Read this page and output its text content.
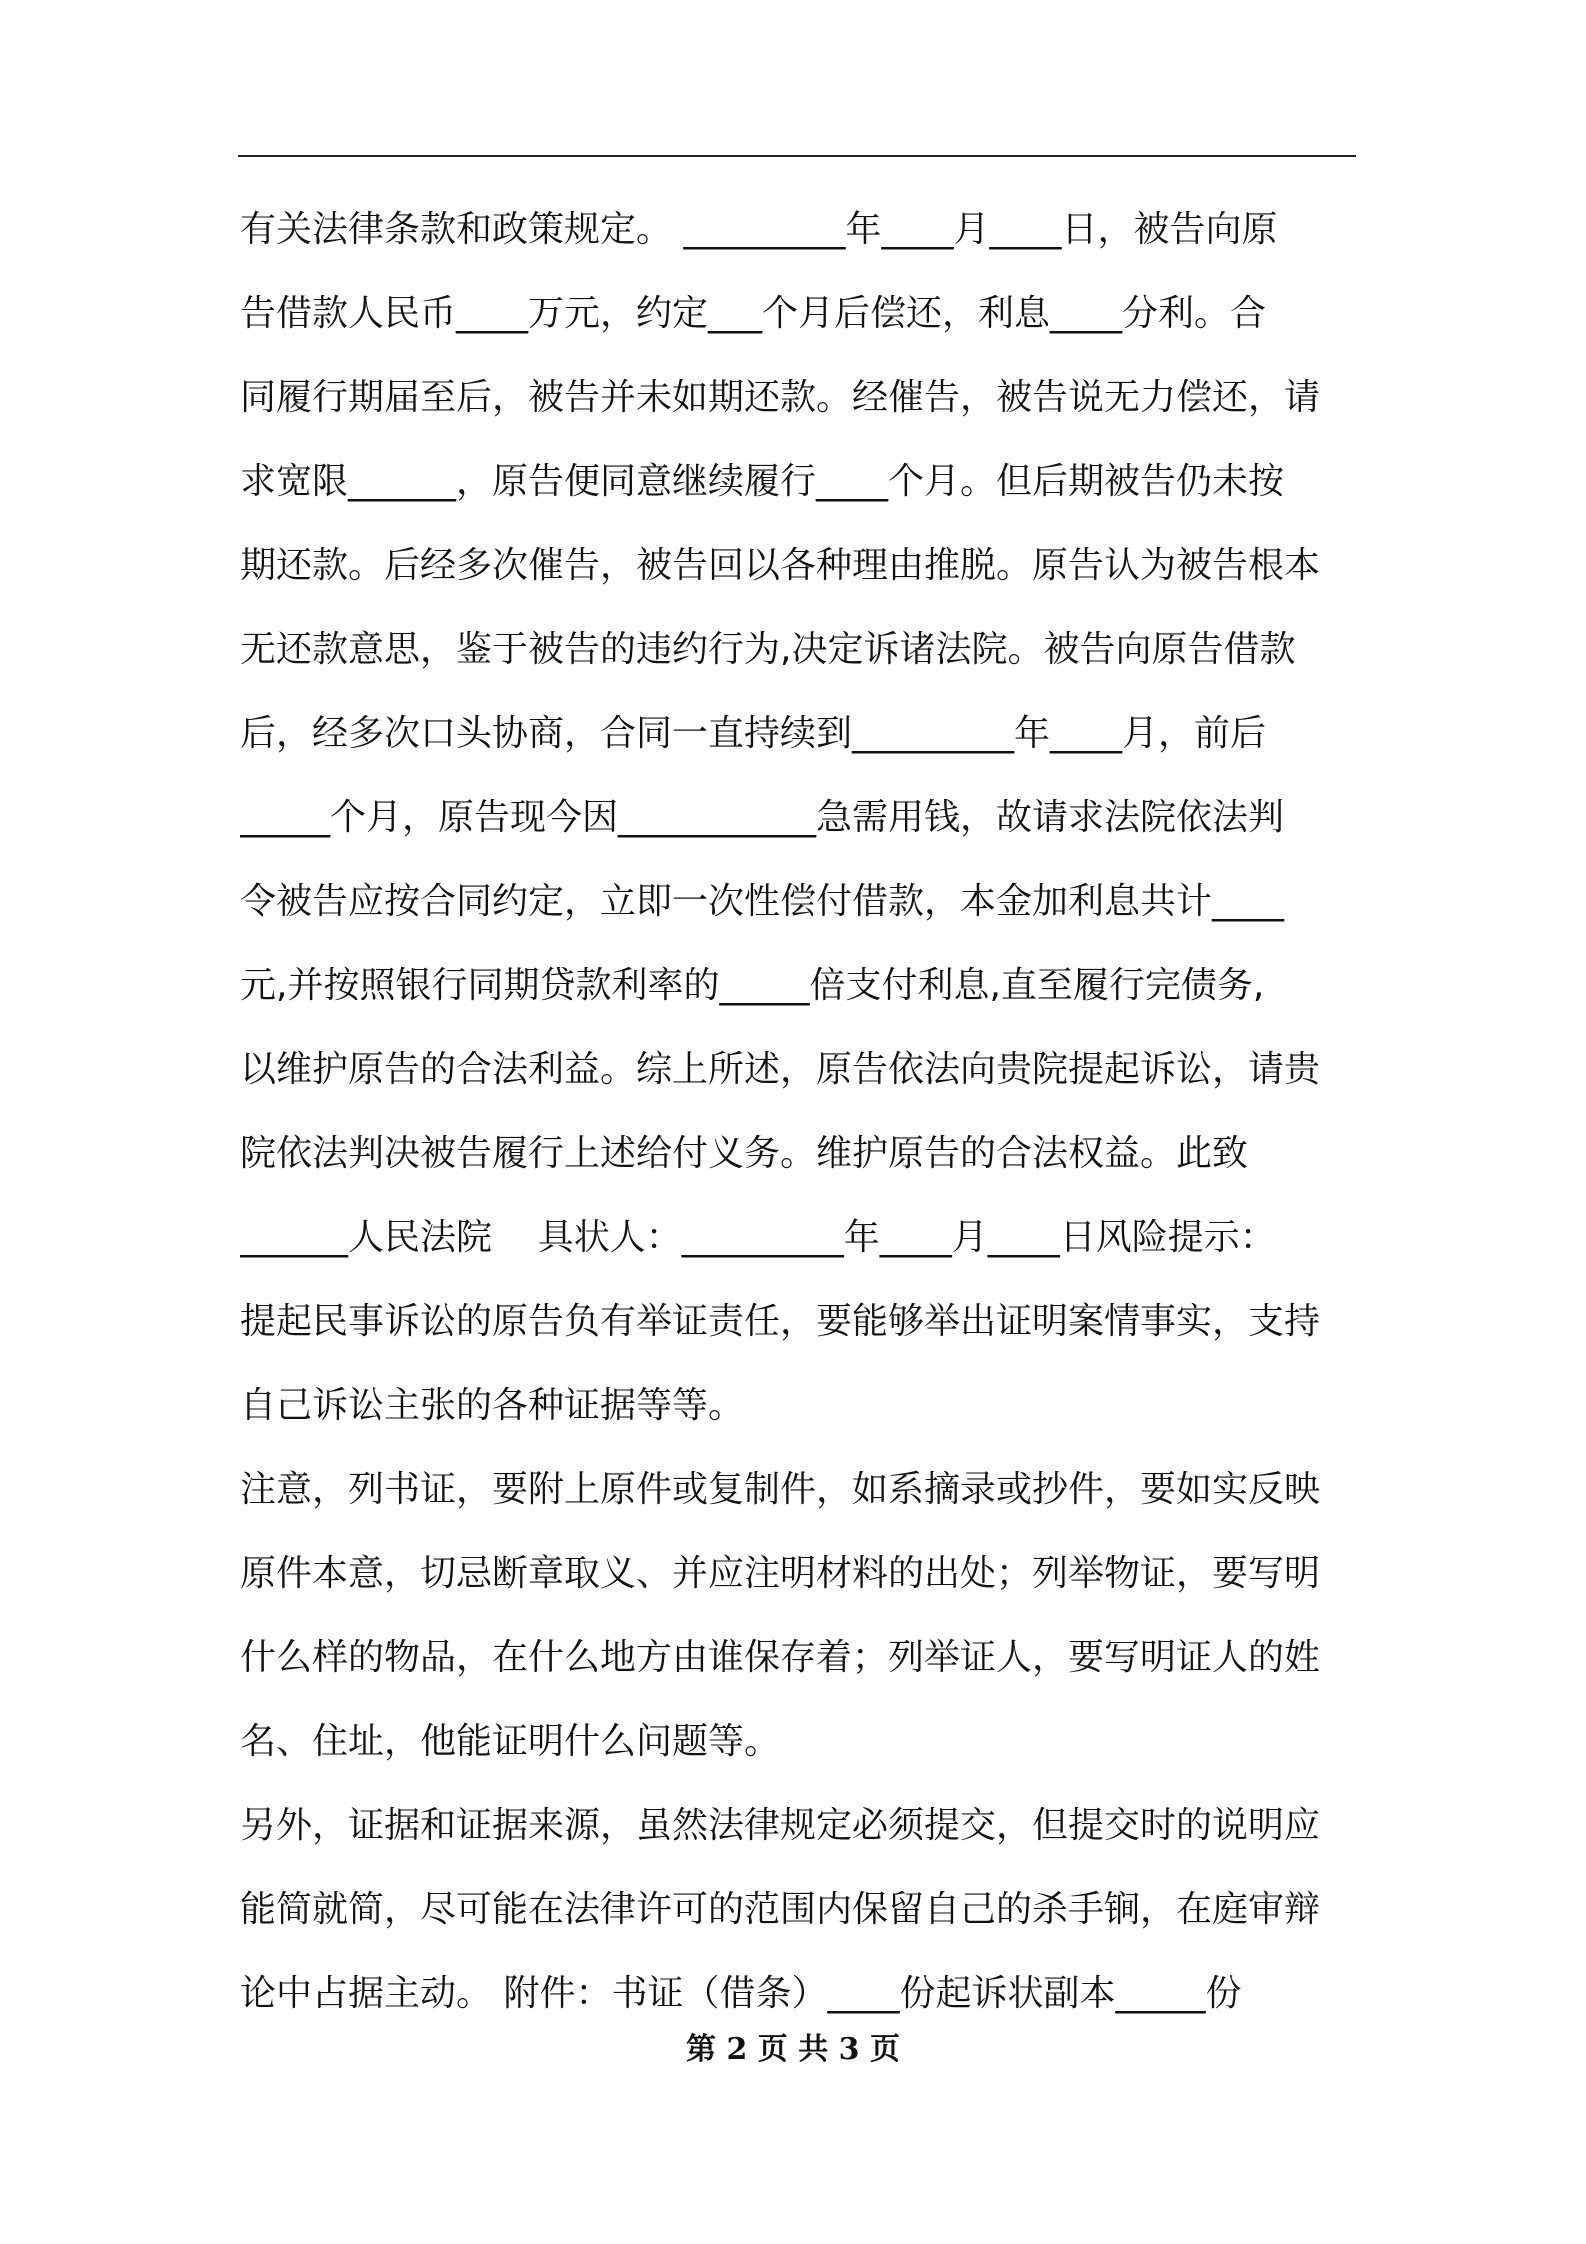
有关法律条款和政策规定。 _________年____月____日，被告向原
告借款人民币____万元，约定___个月后偿还，利息____分利。合
同履行期届至后，被告并未如期还款。经催告，被告说无力偿还，请
求宽限______，原告便同意继续履行____个月。但后期被告仍未按
期还款。后经多次催告，被告回以各种理由推脱。原告认为被告根本
无还款意思，鉴于被告的违约行为,决定诉诸法院。被告向原告借款
后，经多次口头协商，合同一直持续到_________年____月，前后
_____个月，原告现今因___________急需用钱，故请求法院依法判
令被告应按合同约定，立即一次性偿付借款，本金加利息共计____
元,并按照银行同期贷款利率的_____倍支付利息,直至履行完债务,
以维护原告的合法利益。综上所述，原告依法向贵院提起诉讼，请贵
院依法判决被告履行上述给付义务。维护原告的合法权益。此致
______人民法院    具状人：_________年____月____日风险提示：
提起民事诉讼的原告负有举证责任，要能够举出证明案情事实，支持
自己诉讼主张的各种证据等等。
注意，列书证，要附上原件或复制件，如系摘录或抄件，要如实反映
原件本意，切忌断章取义、并应注明材料的出处；列举物证，要写明
什么样的物品，在什么地方由谁保存着；列举证人，要写明证人的姓
名、住址，他能证明什么问题等。
另外，证据和证据来源，虽然法律规定必须提交，但提交时的说明应
能简就简，尽可能在法律许可的范围内保留自己的杀手锏，在庭审辩
论中占据主动。 附件：书证（借条）____份起诉状副本_____份
第 2 页 共 3 页
